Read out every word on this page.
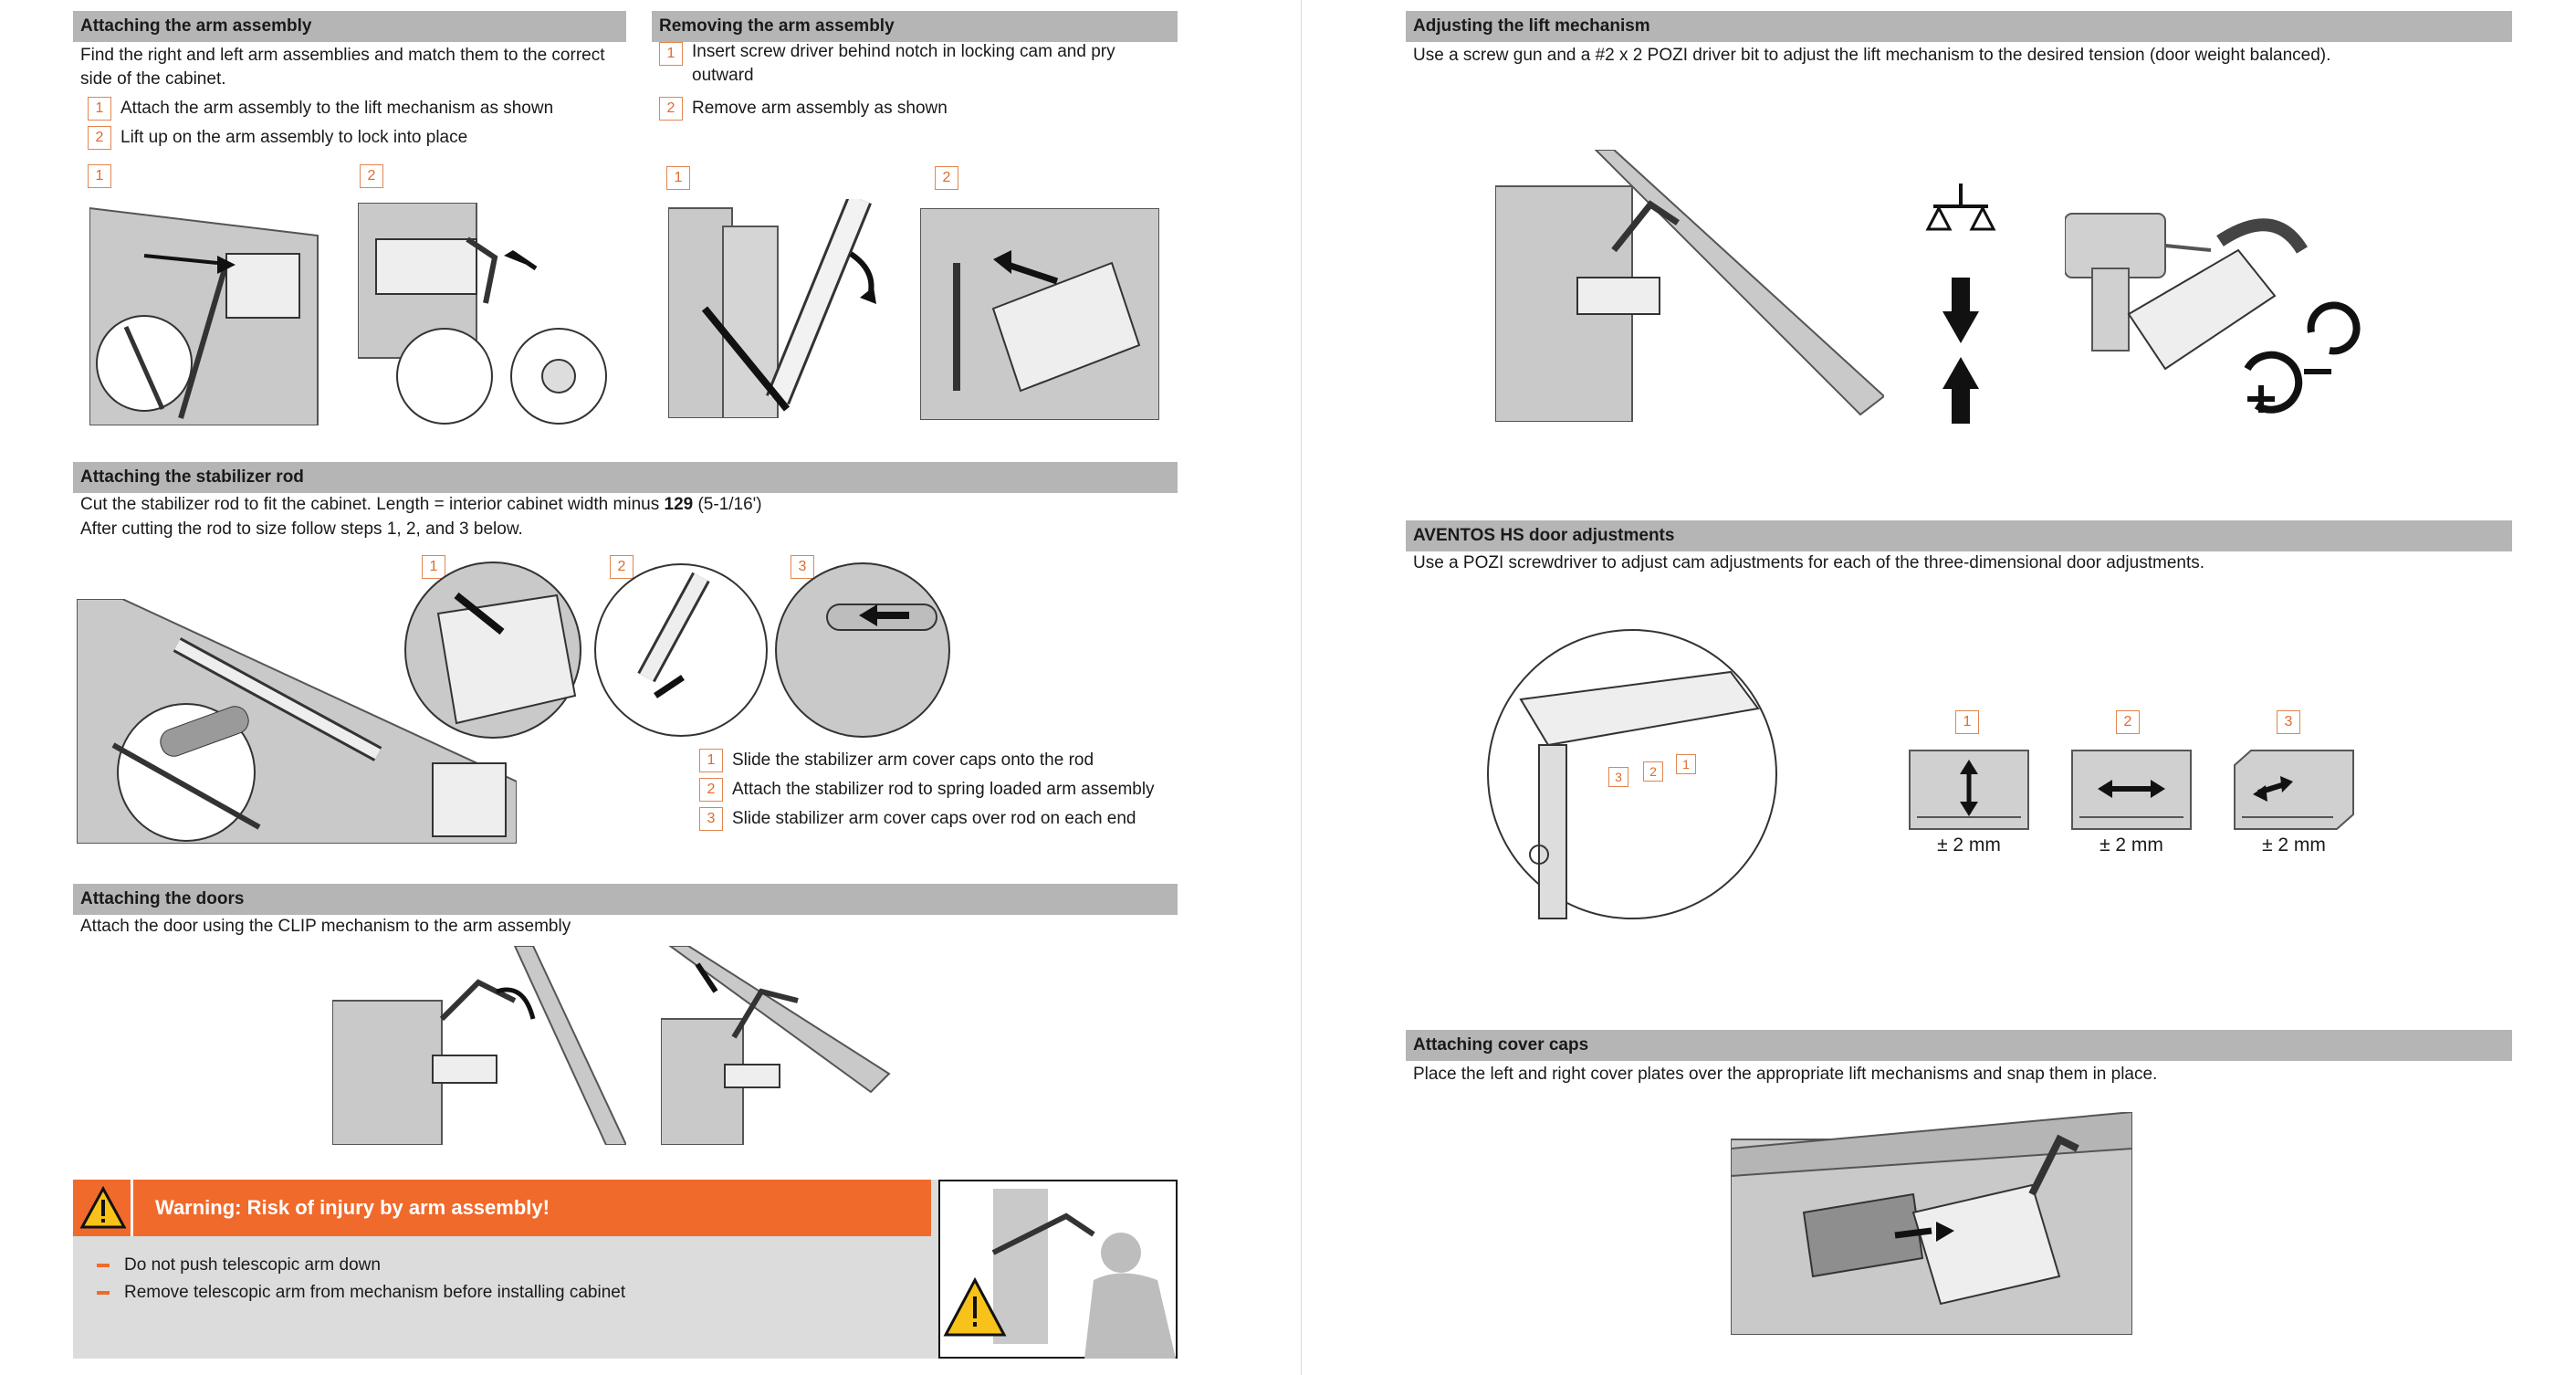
Attaching the arm assembly
Find the right and left arm assemblies and match them to the correct side of the cabinet.
1 Attach the arm assembly to the lift mechanism as shown
2 Lift up on the arm assembly to lock into place
1	2
Removing the arm assembly
1 Insert screw driver behind notch in locking cam and pry outward
2 Remove arm assembly as shown
1	2
Attaching the stabilizer rod
Cut the stabilizer rod to fit the cabinet. Length = interior cabinet width minus 129 (5-1/16')
After cutting the rod to size follow steps 1, 2, and 3 below.
1	2	3
1 Slide the stabilizer arm cover caps onto the rod
2 Attach the stabilizer rod to spring loaded arm assembly
3 Slide stabilizer arm cover caps over rod on each end
Attaching the doors
Attach the door using the CLIP mechanism to the arm assembly
Warning: Risk of injury by arm assembly!
Do not push telescopic arm down
Remove telescopic arm from mechanism before installing cabinet
Adjusting the lift mechanism
Use a screw gun and a #2 x 2 POZI driver bit to adjust the lift mechanism to the desired tension (door weight balanced).
AVENTOS HS door adjustments
Use a POZI screwdriver to adjust cam adjustments for each of the three-dimensional door adjustments.
3	2	1
1	2	3
± 2 mm	± 2 mm	± 2 mm
Attaching cover caps
Place the left and right cover plates over the appropriate lift mechanisms and snap them in place.
